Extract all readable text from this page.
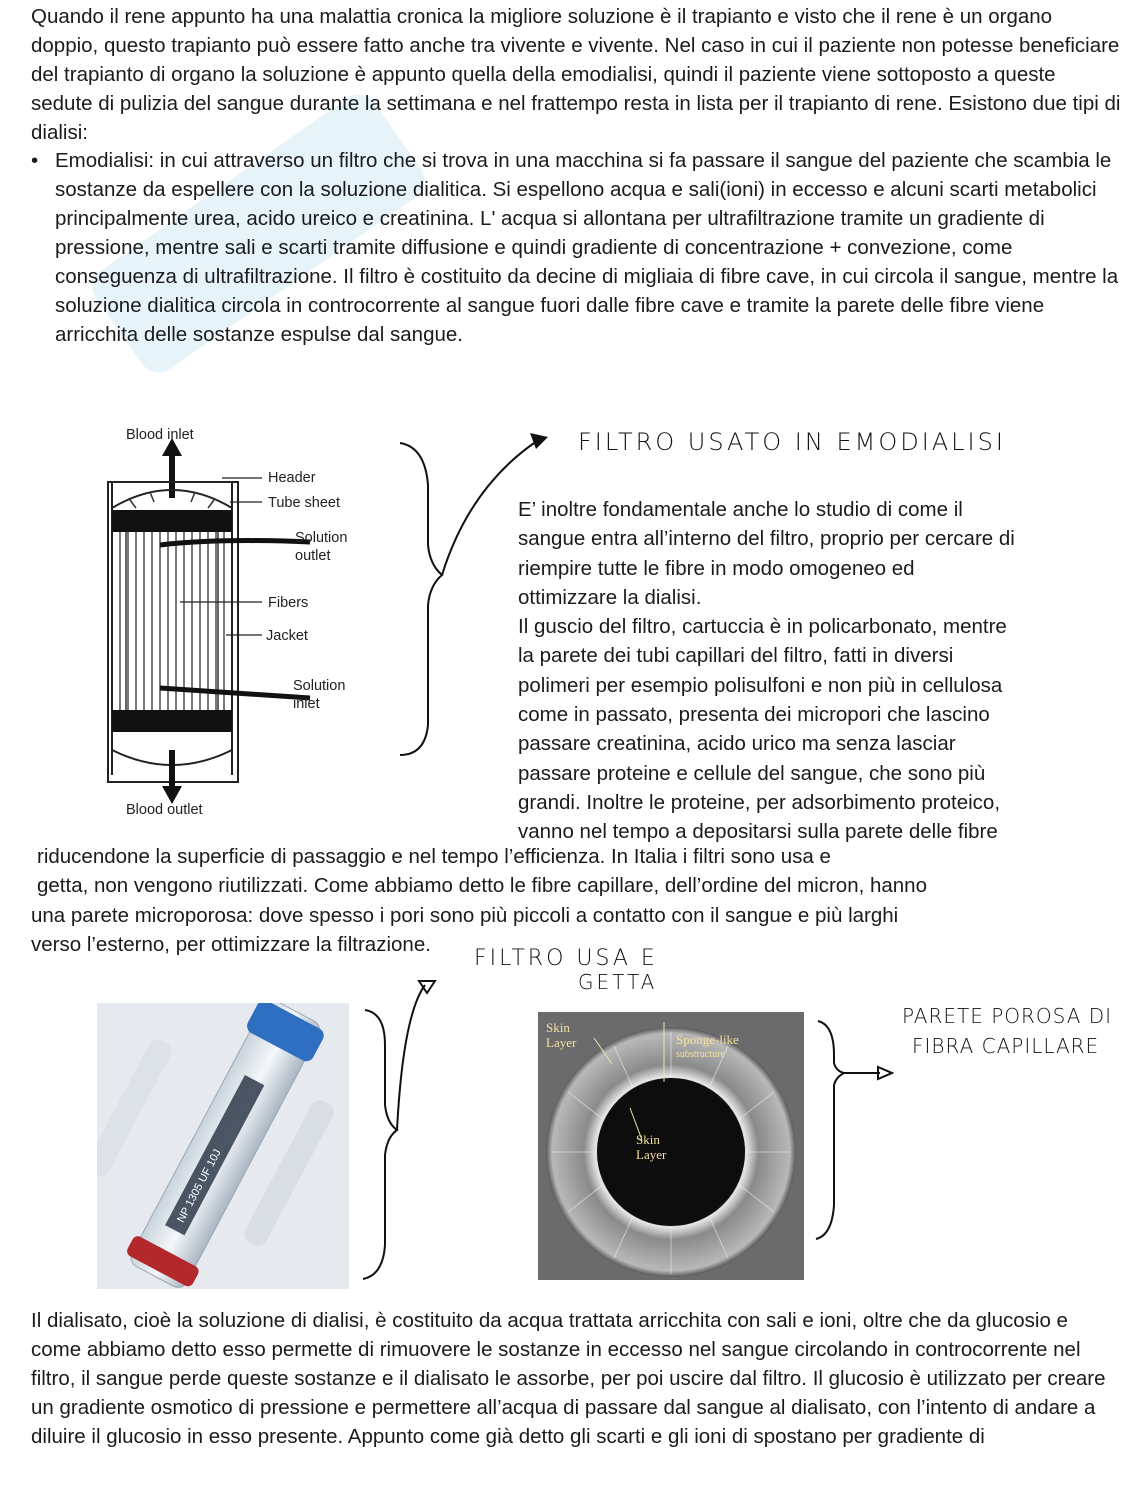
Quando il rene appunto ha una malattia cronica la migliore soluzione è il trapianto e visto che il rene è un organo doppio, questo trapianto può essere fatto anche tra vivente e vivente. Nel caso in cui il paziente non potesse beneficiare del trapianto di organo la soluzione è appunto quella della emodialisi, quindi il paziente viene sottoposto a queste sedute di pulizia del sangue durante la settimana e nel frattempo resta in lista per il trapianto di rene. Esistono due tipi di dialisi:

• Emodialisi: in cui attraverso un filtro che si trova in una macchina si fa passare il sangue del paziente che scambia le sostanze da espellere con la soluzione dialitica. Si espellono acqua e sali(ioni) in eccesso e alcuni scarti metabolici principalmente urea, acido ureico e creatinina. L' acqua si allontana per ultrafiltrazione tramite un gradiente di pressione, mentre sali e scarti tramite diffusione e quindi gradiente di concentrazione + convezione, come conseguenza di ultrafiltrazione. Il filtro è costituito da decine di migliaia di fibre cave, in cui circola il sangue, mentre la soluzione dialitica circola in controcorrente al sangue fuori dalle fibre cave e tramite la parete delle fibre viene arricchita delle sostanze espulse dal sangue.

Blood inlet
Blood outlet
Header
Tube sheet
Solution
outlet
Fibers
Jacket
Solution
inlet
FILTRO USATO IN EMODIALISI
E’ inoltre fondamentale anche lo studio di come il
sangue entra all’interno del filtro, proprio per cercare di
riempire tutte le fibre in modo omogeneo ed
ottimizzare la dialisi.
Il guscio del filtro, cartuccia è in policarbonato, mentre
la parete dei tubi capillari del filtro, fatti in diversi
polimeri per esempio polisulfoni e non più in cellulosa
come in passato, presenta dei micropori che lascino
passare creatinina, acido urico ma senza lasciar
passare proteine e cellule del sangue, che sono più
grandi. Inoltre le proteine, per adsorbimento proteico,
vanno nel tempo a depositarsi sulla parete delle fibre
riducendone la superficie di passaggio e nel tempo l’efficienza. In Italia i filtri sono usa e
getta, non vengono riutilizzati. Come abbiamo detto le fibre capillare, dell’ordine del micron, hanno
una parete microporosa: dove spesso i pori sono più piccoli a contatto con il sangue e più larghi
verso l’esterno, per ottimizzare la filtrazione.
FILTRO USA E
GETTA
NP 1305 UF 10J
Skin
Layer	Sponge-like
substructure
Skin
Layer
PARETE POROSA DI
FIBRA CAPILLARE

Il dialisato, cioè la soluzione di dialisi, è costituito da acqua trattata arricchita con sali e ioni, oltre che da glucosio e come abbiamo detto esso permette di rimuovere le sostanze in eccesso nel sangue circolando in controcorrente nel filtro, il sangue perde queste sostanze e il dialisato le assorbe, per poi uscire dal filtro. Il glucosio è utilizzato per creare un gradiente osmotico di pressione e permettere all’acqua di passare dal sangue al dialisato, con l’intento di andare a diluire il glucosio in esso presente. Appunto come già detto gli scarti e gli ioni di spostano per gradiente di
